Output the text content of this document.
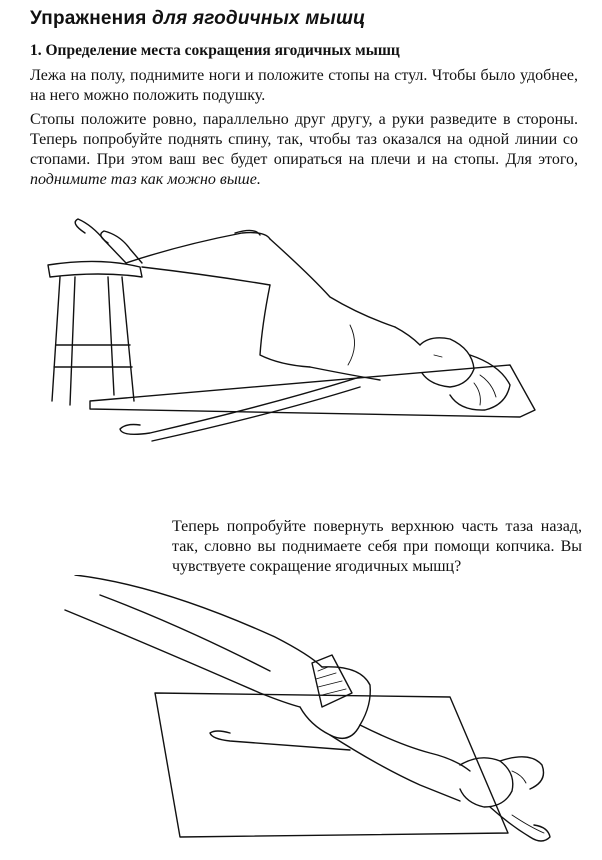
Упражнения для ягодичных мышц
1. Определение места сокращения ягодичных мышц
Лежа на полу, поднимите ноги и положите стопы на стул. Чтобы было удобнее, на него можно положить подушку.
Стопы положите ровно, параллельно друг другу, а руки разведите в стороны. Теперь попробуйте поднять спину, так, чтобы таз оказался на одной линии со стопами. При этом ваш вес будет опираться на плечи и на стопы. Для этого, поднимите таз как можно выше.
Теперь попробуйте повернуть верхнюю часть таза назад, так, словно вы поднимаете себя при помощи копчика. Вы чувствуете сокращение ягодичных мышц?
